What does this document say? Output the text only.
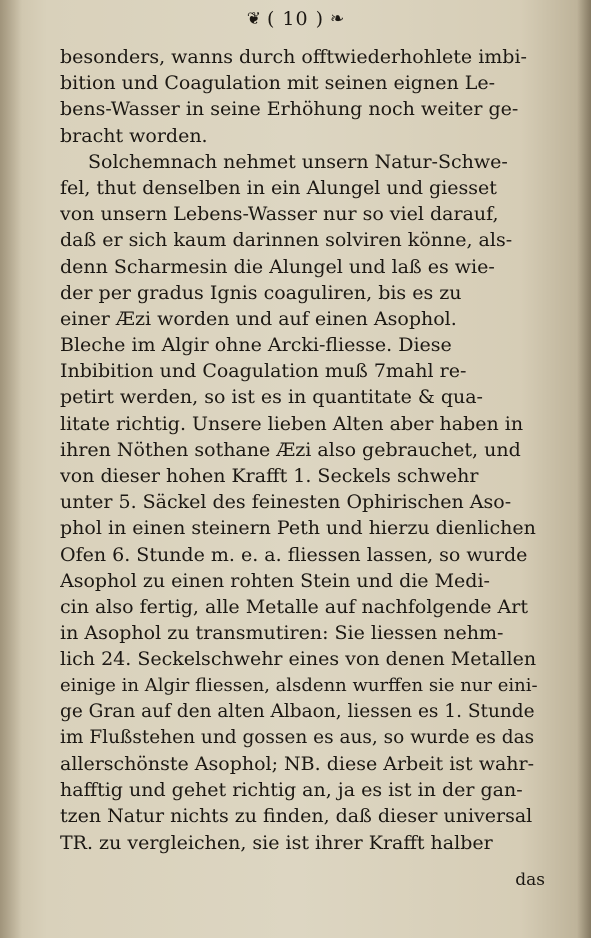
❦ ( 10 ) ❧
besonders, wanns durch offtwiederhohlete imbi-
bition und Coagulation mit seinen eignen Le-
bens-Wasser in seine Erhöhung noch weiter ge-
bracht worden.
Solchemnach nehmet unsern Natur-Schwe-
fel, thut denselben in ein Alungel und giesset
von unsern Lebens-Wasser nur so viel darauf,
daß er sich kaum darinnen solviren könne, als-
denn Scharmesin die Alungel und laß es wie-
der per gradus Ignis coaguliren, bis es zu
einer Æzi worden und auf einen Asophol.
Bleche im Algir ohne Arcki-fliesse. Diese
Inbibition und Coagulation muß 7mahl re-
petirt werden, so ist es in quantitate & qua-
litate richtig. Unsere lieben Alten aber haben in
ihren Nöthen sothane Æzi also gebrauchet, und
von dieser hohen Krafft 1. Seckels schwehr
unter 5. Säckel des feinesten Ophirischen Aso-
phol in einen steinern Peth und hierzu dienlichen
Ofen 6. Stunde m. e. a. fliessen lassen, so wurde
Asophol zu einen rohten Stein und die Medi-
cin also fertig, alle Metalle auf nachfolgende Art
in Asophol zu transmutiren: Sie liessen nehm-
lich 24. Seckelschwehr eines von denen Metallen
einige in Algir fliessen, alsdenn wurffen sie nur eini-
ge Gran auf den alten Albaon, liessen es 1. Stunde
im Flußstehen und gossen es aus, so wurde es das
allerschönste Asophol; NB. diese Arbeit ist wahr-
hafftig und gehet richtig an, ja es ist in der gan-
tzen Natur nichts zu finden, daß dieser universal
TR. zu vergleichen, sie ist ihrer Krafft halber
das
